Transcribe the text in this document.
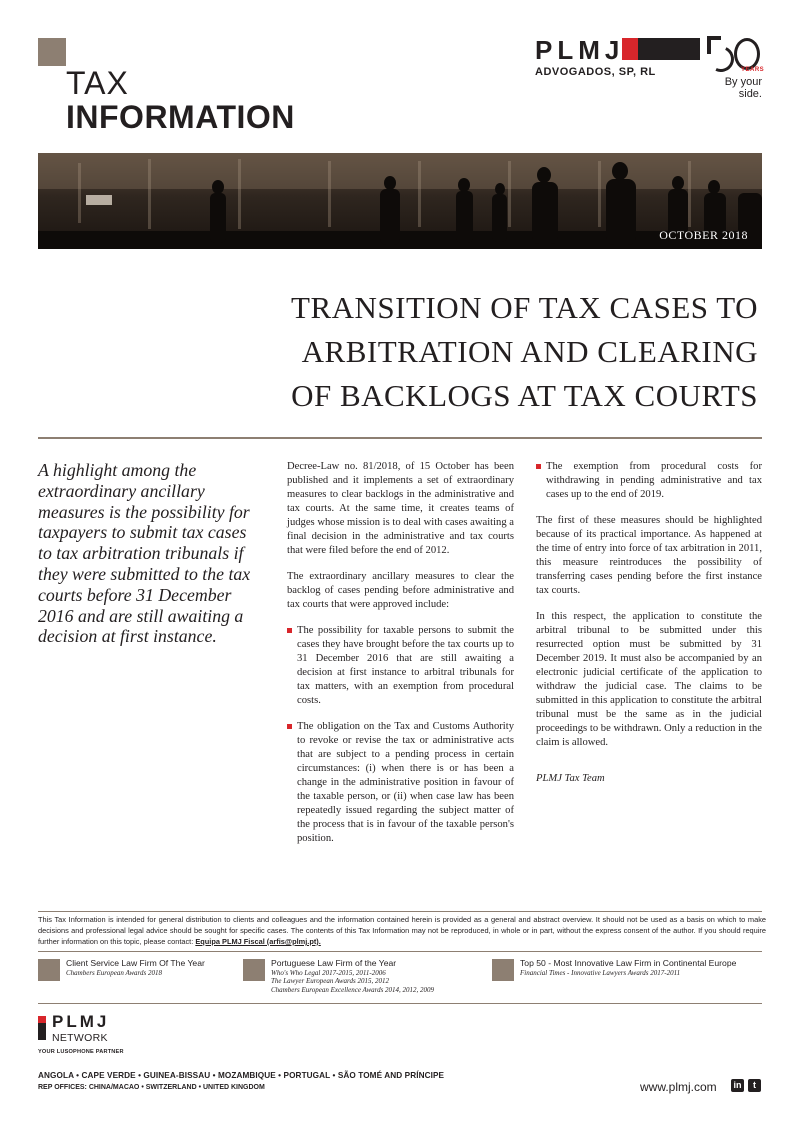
TAX
INFORMATION
PLMJ
ADVOGADOS, SP, RL	YEARS
By your
side.
OCTOBER 2018
TRANSITION OF TAX CASES TO
ARBITRATION AND CLEARING
OF BACKLOGS AT TAX COURTS
A highlight among the extraordinary ancillary measures is the possibility for taxpayers to submit tax cases to tax arbitration tribunals if they were submitted to the tax courts before 31 December 2016 and are still awaiting a decision at first instance.

Decree-Law no. 81/2018, of 15 October has been published and it implements a set of extraordinary measures to clear backlogs in the administrative and tax courts. At the same time, it creates teams of judges whose mission is to deal with cases awaiting a final decision in the administrative and tax courts that were filed before the end of 2012.

The extraordinary ancillary measures to clear the backlog of cases pending before administrative and tax courts that were approved include:

The possibility for taxable persons to submit the cases they have brought before the tax courts up to 31 December 2016 that are still awaiting a decision at first instance to arbitral tribunals for tax matters, with an exemption from procedural costs.
The obligation on the Tax and Customs Authority to revoke or revise the tax or administrative acts that are subject to a pending process in certain circumstances: (i) when there is or has been a change in the administrative position in favour of the taxable person, or (ii) when case law has been repeatedly issued regarding the subject matter of the process that is in favour of the taxable person's position.
The exemption from procedural costs for withdrawing in pending administrative and tax cases up to the end of 2019.

The first of these measures should be highlighted because of its practical importance. As happened at the time of entry into force of tax arbitration in 2011, this measure reintroduces the possibility of transferring cases pending before the first instance tax courts.

In this respect, the application to constitute the arbitral tribunal to be submitted under this resurrected option must be submitted by 31 December 2019. It must also be accompanied by an electronic judicial certificate of the application to withdraw the judicial case. The claims to be submitted in this application to constitute the arbitral tribunal must be the same as in the judicial proceedings to be withdrawn. Only a reduction in the claim is allowed.

PLMJ Tax Team

This Tax Information is intended for general distribution to clients and colleagues and the information contained herein is provided as a general and abstract overview. It should not be used as a basis on which to make decisions and professional legal advice should be sought for specific cases. The contents of this Tax Information may not be reproduced, in whole or in part, without the express consent of the author. If you should require further information on this topic, please contact: Equipa PLMJ Fiscal (arfis@plmj.pt).
Client Service Law Firm Of The Year
Chambers European Awards 2018
Portuguese Law Firm of the Year
Who's Who Legal 2017-2015, 2011-2006
The Lawyer European Awards 2015, 2012
Chambers European Excellence Awards 2014, 2012, 2009
Top 50 - Most Innovative Law Firm in Continental Europe
Financial Times - Innovative Lawyers Awards 2017-2011
PLMJ
NETWORK
YOUR LUSOPHONE PARTNER
ANGOLA • CAPE VERDE • GUINEA-BISSAU • MOZAMBIQUE • PORTUGAL • SÃO TOMÉ AND PRÍNCIPE
REP OFFICES: CHINA/MACAO • SWITZERLAND • UNITED KINGDOM	www.plmj.com in	t
